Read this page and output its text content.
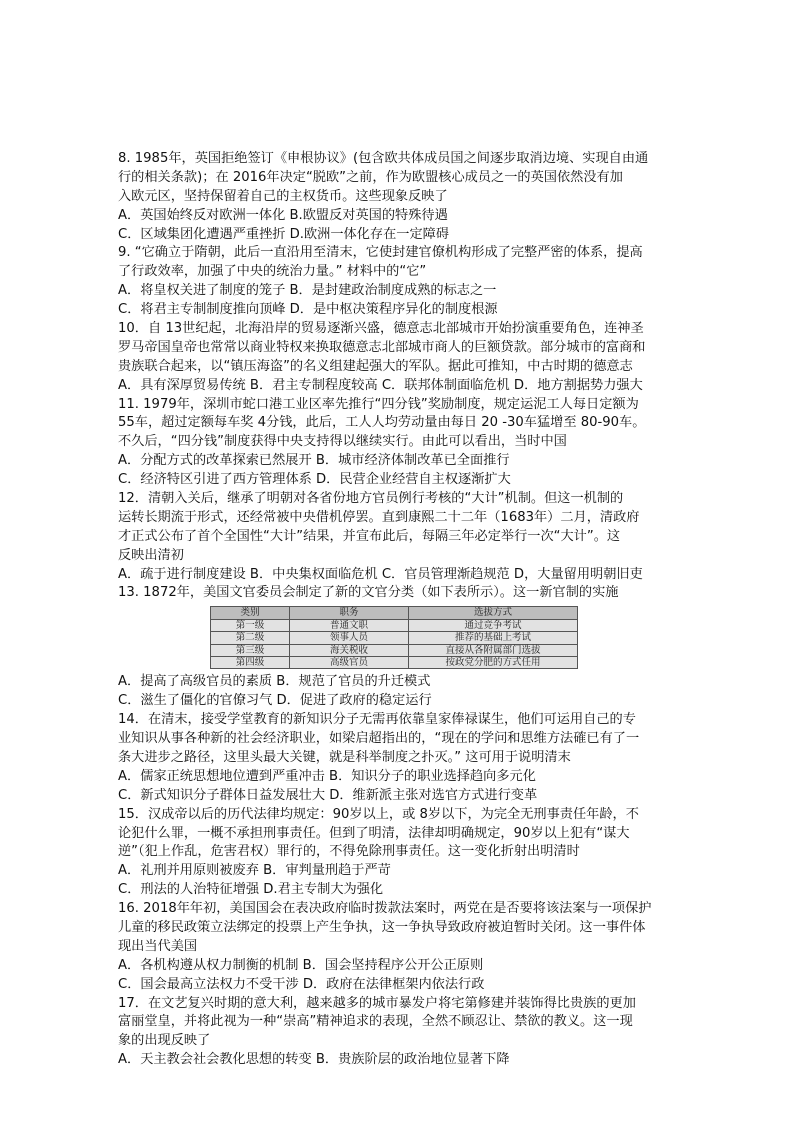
8. 1985年，英国拒绝签订《申根协议》(包含欧共体成员国之间逐步取消边境、实现自由通
行的相关条款)；在 2016年决定“脱欧”之前，作为欧盟核心成员之一的英国依然没有加
入欧元区，坚持保留着自己的主权货币。这些现象反映了
A．英国始终反对欧洲一体化 B.欧盟反对英国的特殊待遇
C．区域集团化遭遇严重挫折 D.欧洲一体化存在一定障碍
9. “它确立于隋朝，此后一直沿用至清末，它使封建官僚机构形成了完整严密的体系，提高
了行政效率，加强了中央的统治力量。” 材料中的“它”
A．将皇权关进了制度的笼子 B．是封建政治制度成熟的标志之一
C．将君主专制制度推向顶峰 D．是中枢决策程序异化的制度根源
10．自 13世纪起，北海沿岸的贸易逐渐兴盛，德意志北部城市开始扮演重要角色，连神圣
罗马帝国皇帝也常常以商业特权来换取德意志北部城市商人的巨额贷款。部分城市的富商和
贵族联合起来，以“镇压海盗”的名义组建起强大的军队。据此可推知，中古时期的德意志
A．具有深厚贸易传统 B．君主专制程度较高 C．联邦体制面临危机 D．地方割据势力强大
11. 1979年，深圳市蛇口港工业区率先推行“四分钱”奖励制度，规定运泥工人每日定额为
55车，超过定额每车奖 4分钱，此后，工人人均劳动量由每日 20 -30车猛增至 80-90车。
不久后，“四分钱”制度获得中央支持得以继续实行。由此可以看出，当时中国
A．分配方式的改革探索已然展开 B．城市经济体制改革已全面推行
C．经济特区引进了西方管理体系 D．民营企业经营自主权逐渐扩大
12．清朝入关后，继承了明朝对各省份地方官员例行考核的“大计”机制。但这一机制的
运转长期流于形式，还经常被中央借机停罢。直到康熙二十二年（1683年）二月，清政府
才正式公布了首个全国性“大计”结果，并宣布此后，每隔三年必定举行一次“大计”。这
反映出清初
A．疏于进行制度建设 B．中央集权面临危机 C．官员管理渐趋规范 D，大量留用明朝旧吏
13. 1872年，美国文官委员会制定了新的文官分类（如下表所示）。这一新官制的实施
类别	职务	选拔方式
第一级	普通文职	通过竞争考试
第二级	领事人员	推荐的基础上考试
第三级	海关税收	直接从各附属部门选拔
第四级	高级官员	按政党分肥的方式任用
A．提高了高级官员的素质 B．规范了官员的升迁模式
C．滋生了僵化的官僚习气 D．促进了政府的稳定运行
14．在清末，接受学堂教育的新知识分子无需再依靠皇家俸禄谋生，他们可运用自己的专
业知识从事各种新的社会经济职业，如梁启超指出的，“现在的学问和思维方法確已有了一
条大进步之路径，这里头最大关键，就是科举制度之扑灭。” 这可用于说明清末
A．儒家正统思想地位遭到严重冲击 B．知识分子的职业选择趋向多元化
C．新式知识分子群体日益发展壮大 D．维新派主张对选官方式进行变革
15．汉成帝以后的历代法律均规定：90岁以上，或 8岁以下，为完全无刑事责任年龄，不
论犯什么罪，一概不承担刑事责任。但到了明清，法律却明确规定，90岁以上犯有“谋大
逆”（犯上作乱，危害君权）罪行的，不得免除刑事责任。这一变化折射出明清时
A．礼刑并用原则被废弃 B．审判量刑趋于严苛
C．刑法的人治特征增强 D.君主专制大为强化
16. 2018年年初，美国国会在表决政府临时拨款法案时，两党在是否要将该法案与一项保护
儿童的移民政策立法绑定的投票上产生争执，这一争执导致政府被迫暂时关闭。这一事件体
现出当代美国
A．各机构遵从权力制衡的机制 B．国会坚持程序公开公正原则
C．国会最高立法权力不受干涉 D．政府在法律框架内依法行政
17．在文艺复兴时期的意大利，越来越多的城市暴发户将宅第修建并装饰得比贵族的更加
富丽堂皇，并将此视为一种“崇高”精神追求的表现，全然不顾忍让、禁欲的教义。这一现
象的出现反映了
A．天主教会社会教化思想的转变 B．贵族阶层的政治地位显著下降
